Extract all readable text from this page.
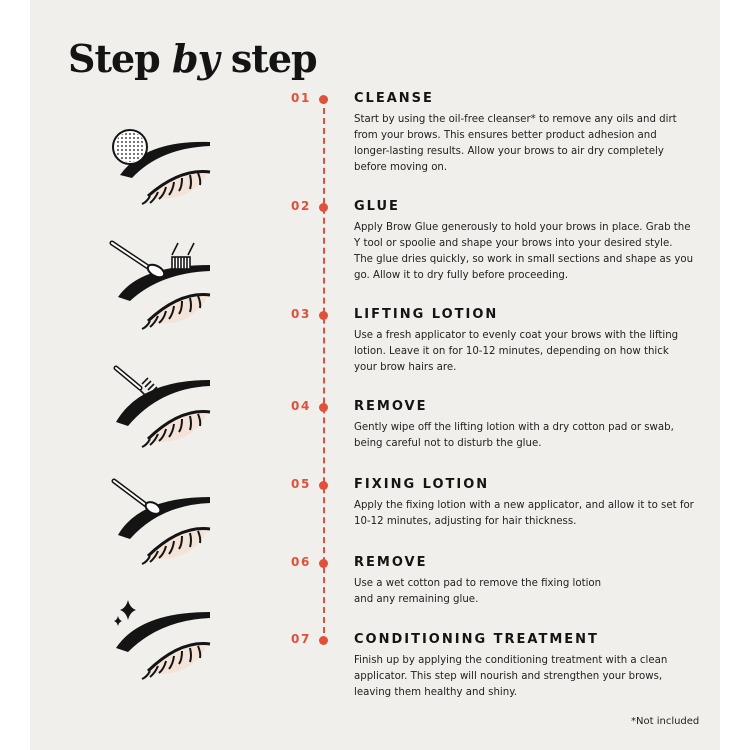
Step by step
01	CLEANSE
Start by using the oil-free cleanser* to remove any oils and dirt from your brows. This ensures better product adhesion and longer-lasting results. Allow your brows to air dry completely before moving on.
02	GLUE
Apply Brow Glue generously to hold your brows in place. Grab the Y tool or spoolie and shape your brows into your desired style. The glue dries quickly, so work in small sections and shape as you go. Allow it to dry fully before proceeding.
03	LIFTING LOTION
Use a fresh applicator to evenly coat your brows with the lifting lotion. Leave it on for 10-12 minutes, depending on how thick your brow hairs are.
04	REMOVE
Gently wipe off the lifting lotion with a dry cotton pad or swab, being careful not to disturb the glue.
05	FIXING LOTION
Apply the fixing lotion with a new applicator, and allow it to set for 10-12 minutes, adjusting for hair thickness.
06	REMOVE
Use a wet cotton pad to remove the fixing lotion and any remaining glue.
07	CONDITIONING TREATMENT
Finish up by applying the conditioning treatment with a clean applicator. This step will nourish and strengthen your brows, leaving them healthy and shiny.
*Not included
